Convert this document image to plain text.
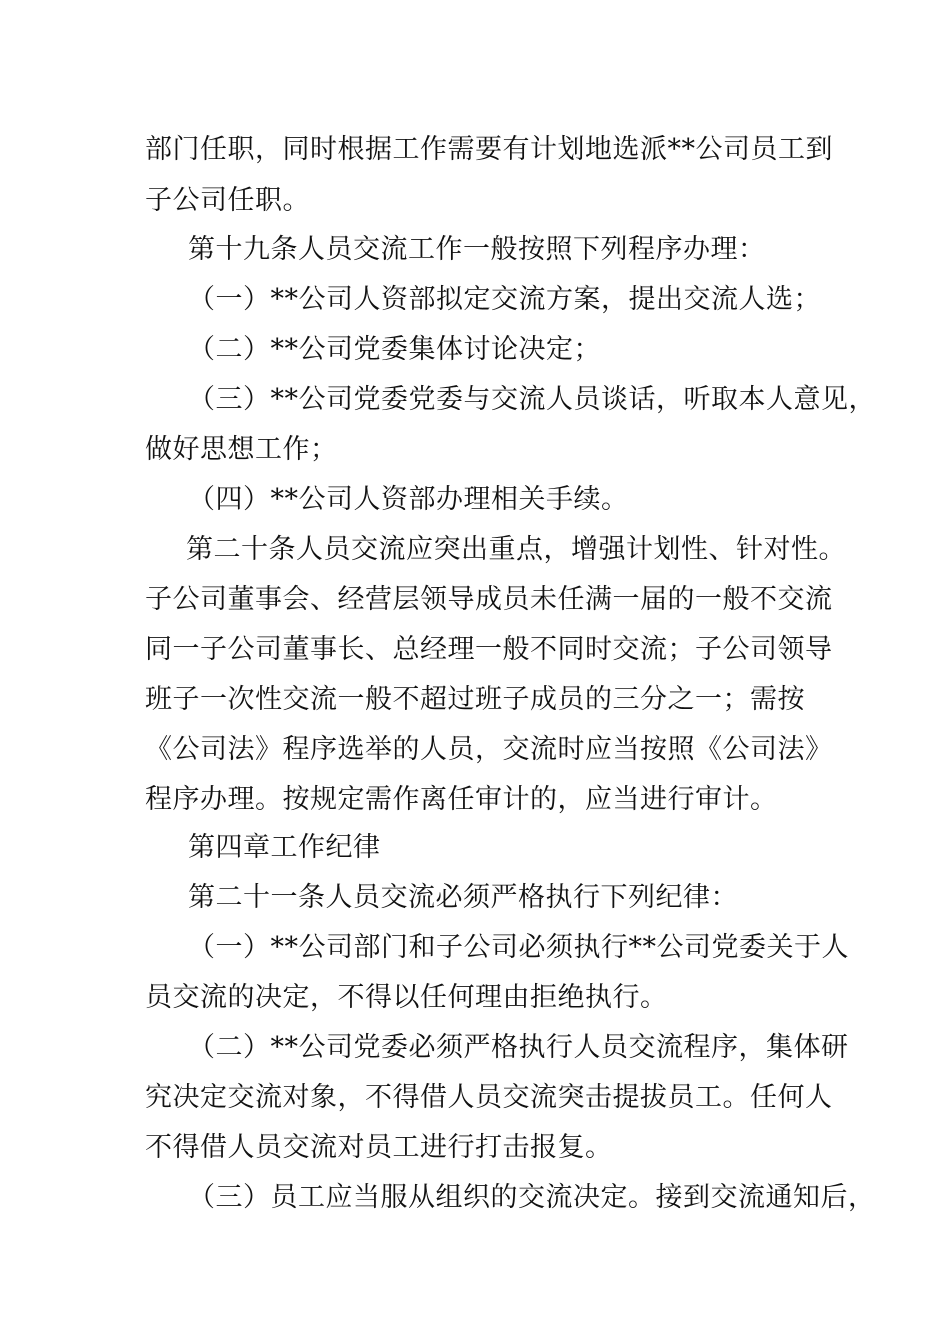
部门任职，同时根据工作需要有计划地选派**公司员工到
子公司任职。
第十九条人员交流工作一般按照下列程序办理：
（一）**公司人资部拟定交流方案，提出交流人选；
（二）**公司党委集体讨论决定；
（三）**公司党委党委与交流人员谈话，听取本人意见，
做好思想工作；
（四）**公司人资部办理相关手续。
第二十条人员交流应突出重点，增强计划性、针对性。
子公司董事会、经营层领导成员未任满一届的一般不交流
同一子公司董事长、总经理一般不同时交流；子公司领导
班子一次性交流一般不超过班子成员的三分之一；需按
《公司法》程序选举的人员，交流时应当按照《公司法》
程序办理。按规定需作离任审计的，应当进行审计。
第四章工作纪律
第二十一条人员交流必须严格执行下列纪律：
（一）**公司部门和子公司必须执行**公司党委关于人
员交流的决定，不得以任何理由拒绝执行。
（二）**公司党委必须严格执行人员交流程序，集体研
究决定交流对象，不得借人员交流突击提拔员工。任何人
不得借人员交流对员工进行打击报复。
（三）员工应当服从组织的交流决定。接到交流通知后，
